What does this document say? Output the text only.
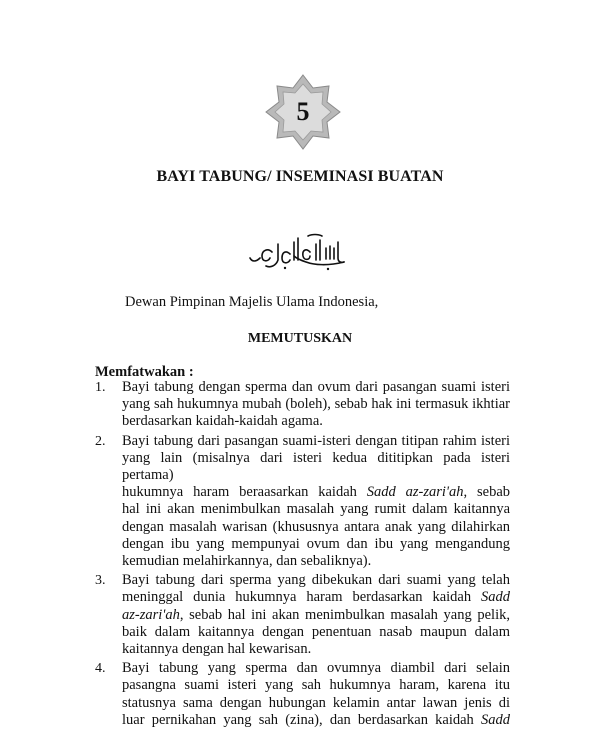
5
BAYI TABUNG/ INSEMINASI BUATAN
Dewan Pimpinan Majelis Ulama Indonesia,
MEMUTUSKAN
Memfatwakan :
1. Bayi tabung dengan sperma dan ovum dari pasangan suami isteri
yang sah hukumnya mubah (boleh), sebab hak ini termasuk ikhtiar
berdasarkan kaidah-kaidah agama.
2. Bayi tabung dari pasangan suami-isteri dengan titipan rahim isteri
yang lain (misalnya dari isteri kedua dititipkan pada isteri pertama)
hukumnya haram beraasarkan kaidah Sadd az-zari'ah, sebab
hal ini akan menimbulkan masalah yang rumit dalam kaitannya
dengan masalah warisan (khususnya antara anak yang dilahirkan
dengan ibu yang mempunyai ovum dan ibu yang mengandung
kemudian melahirkannya, dan sebaliknya).
3. Bayi tabung dari sperma yang dibekukan dari suami yang telah
meninggal dunia hukumnya haram berdasarkan kaidah Sadd
az-zari'ah, sebab hal ini akan menimbulkan masalah yang pelik,
baik dalam kaitannya dengan penentuan nasab maupun dalam
kaitannya dengan hal kewarisan.
4. Bayi tabung yang sperma dan ovumnya diambil dari selain
pasangna suami isteri yang sah hukumnya haram, karena itu
statusnya sama dengan hubungan kelamin antar lawan jenis di
luar pernikahan yang sah (zina), dan berdasarkan kaidah Sadd
